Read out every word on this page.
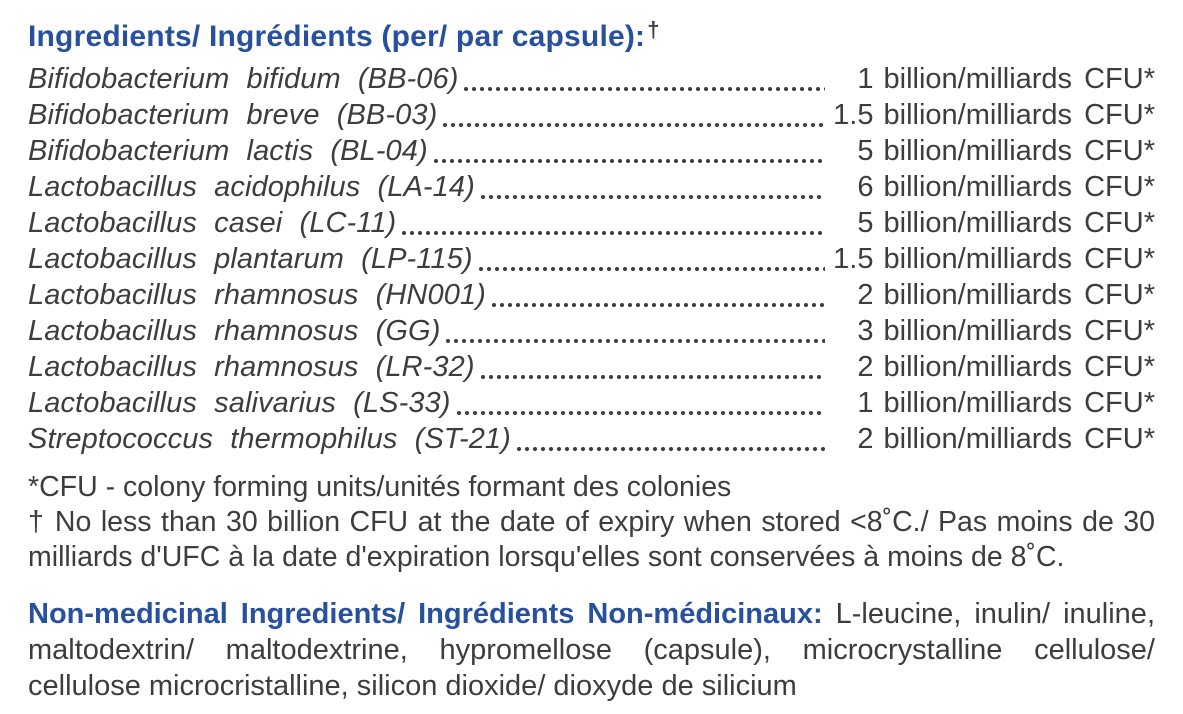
Ingredients/ Ingrédients (per/ par capsule):†
Bifidobacterium bifidum (BB-06)	1 billion/milliards CFU*
Bifidobacterium breve (BB-03)	1.5 billion/milliards CFU*
Bifidobacterium lactis (BL-04)	5 billion/milliards CFU*
Lactobacillus acidophilus (LA-14)	6 billion/milliards CFU*
Lactobacillus casei (LC-11)	5 billion/milliards CFU*
Lactobacillus plantarum (LP-115)	1.5 billion/milliards CFU*
Lactobacillus rhamnosus (HN001)	2 billion/milliards CFU*
Lactobacillus rhamnosus (GG)	3 billion/milliards CFU*
Lactobacillus rhamnosus (LR-32)	2 billion/milliards CFU*
Lactobacillus salivarius (LS-33)	1 billion/milliards CFU*
Streptococcus thermophilus (ST-21)	2 billion/milliards CFU*
*CFU - colony forming units/unités formant des colonies
† No less than 30 billion CFU at the date of expiry when stored <8˚C./ Pas moins de 30 milliards d'UFC à la date d'expiration lorsqu'elles sont conservées à moins de 8˚C.

Non-medicinal Ingredients/ Ingrédients Non-médicinaux: L-leucine, inulin/ inuline, maltodextrin/ maltodextrine, hypromellose (capsule), microcrystalline cellulose/ cellulose microcristalline, silicon dioxide/ dioxyde de silicium
